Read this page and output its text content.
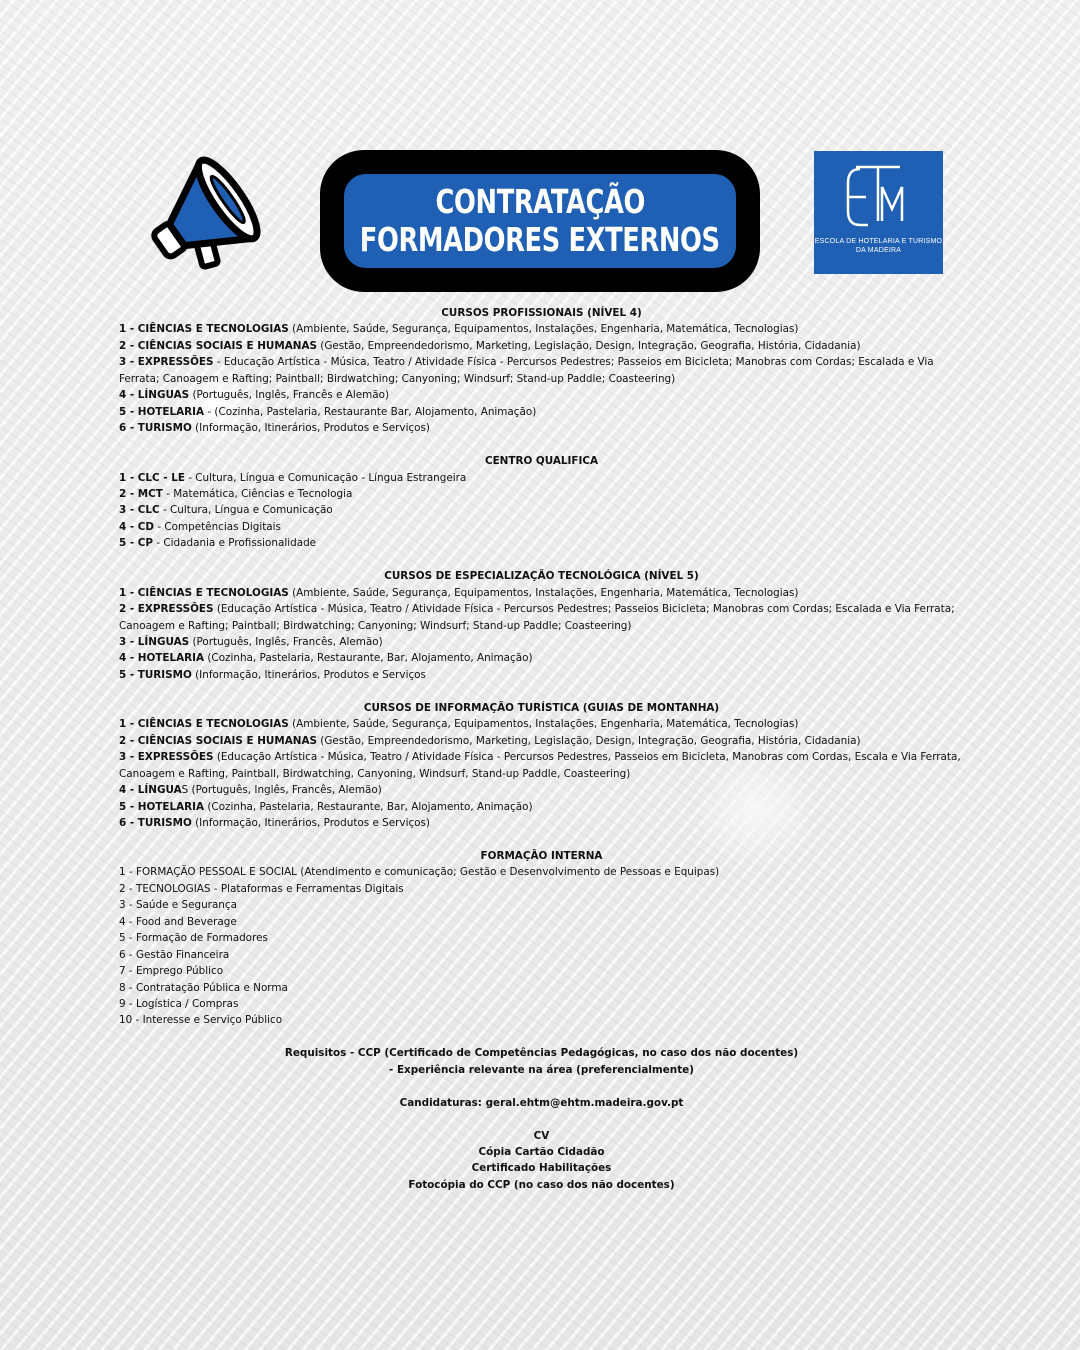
CONTRATAÇÃO
FORMADORES EXTERNOS	ESCOLA DE HOTELARIA E TURISMO DA MADEIRA
CURSOS PROFISSIONAIS (NÍVEL 4)
1 - CIÊNCIAS E TECNOLOGIAS (Ambiente, Saúde, Segurança, Equipamentos, Instalações, Engenharia, Matemática, Tecnologias)
2 - CIÊNCIAS SOCIAIS E HUMANAS (Gestão, Empreendedorismo, Marketing, Legislação, Design, Integração, Geografia, História, Cidadania)
3 - EXPRESSÕES - Educação Artística - Música, Teatro / Atividade Física - Percursos Pedestres; Passeios em Bicicleta; Manobras com Cordas; Escalada e Via Ferrata; Canoagem e Rafting; Paintball; Birdwatching; Canyoning; Windsurf; Stand-up Paddle; Coasteering)
4 - LÍNGUAS (Português, Inglês, Francês e Alemão)
5 - HOTELARIA - (Cozinha, Pastelaria, Restaurante Bar, Alojamento, Animação)
6 - TURISMO (Informação, Itinerários, Produtos e Serviços)
CENTRO QUALIFICA
1 - CLC - LE - Cultura, Língua e Comunicação - Língua Estrangeira
2 - MCT - Matemática, Ciências e Tecnologia
3 - CLC - Cultura, Língua e Comunicação
4 - CD - Competências Digitais
5 - CP - Cidadania e Profissionalidade
CURSOS DE ESPECIALIZAÇÃO TECNOLÓGICA (NÍVEL 5)
1 - CIÊNCIAS E TECNOLOGIAS (Ambiente, Saúde, Segurança, Equipamentos, Instalações, Engenharia, Matemática, Tecnologias)
2 - EXPRESSÕES (Educação Artística - Música, Teatro / Atividade Física - Percursos Pedestres; Passeios Bicicleta; Manobras com Cordas; Escalada e Via Ferrata; Canoagem e Rafting; Paintball; Birdwatching; Canyoning; Windsurf; Stand-up Paddle; Coasteering)
3 - LÍNGUAS (Português, Inglês, Francês, Alemão)
4 - HOTELARIA (Cozinha, Pastelaria, Restaurante, Bar, Alojamento, Animação)
5 - TURISMO (Informação, Itinerários, Produtos e Serviços
CURSOS DE INFORMAÇÃO TURÍSTICA (GUIAS DE MONTANHA)
1 - CIÊNCIAS E TECNOLOGIAS (Ambiente, Saúde, Segurança, Equipamentos, Instalações, Engenharia, Matemática, Tecnologias)
2 - CIÊNCIAS SOCIAIS E HUMANAS (Gestão, Empreendedorismo, Marketing, Legislação, Design, Integração, Geografia, História, Cidadania)
3 - EXPRESSÕES (Educação Artística - Música, Teatro / Atividade Física - Percursos Pedestres, Passeios em Bicicleta, Manobras com Cordas, Escala e Via Ferrata, Canoagem e Rafting, Paintball, Birdwatching, Canyoning, Windsurf, Stand-up Paddle, Coasteering)
4 - LÍNGUAS (Português, Inglês, Francês, Alemão)
5 - HOTELARIA (Cozinha, Pastelaria, Restaurante, Bar, Alojamento, Animação)
6 - TURISMO (Informação, Itinerários, Produtos e Serviços)
FORMAÇÃO INTERNA
1 - FORMAÇÃO PESSOAL E SOCIAL (Atendimento e comunicação; Gestão e Desenvolvimento de Pessoas e Equipas)
2 - TECNOLOGIAS - Plataformas e Ferramentas Digitais
3 - Saúde e Segurança
4 - Food and Beverage
5 - Formação de Formadores
6 - Gestão Financeira
7 - Emprego Público
8 - Contratação Pública e Norma
9 - Logística / Compras
10 - Interesse e Serviço Público
Requisitos - CCP (Certificado de Competências Pedagógicas, no caso dos não docentes)
- Experiência relevante na área (preferencialmente)
Candidaturas: geral.ehtm@ehtm.madeira.gov.pt
CV
Cópia Cartão Cidadão
Certificado Habilitações
Fotocópia do CCP (no caso dos não docentes)
